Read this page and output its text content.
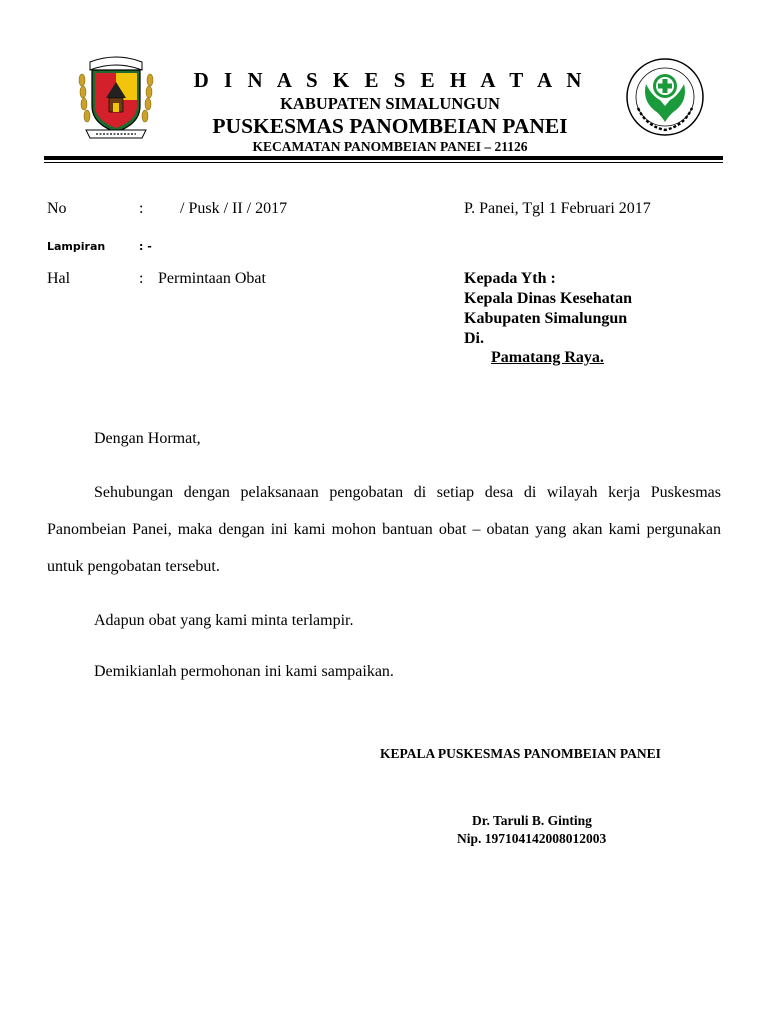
D I N A S K E S E H A T A N
KABUPATEN SIMALUNGUN
PUSKESMAS PANOMBEIAN PANEI
KECAMATAN PANOMBEIAN PANEI – 21126
No	: / Pusk / II / 2017	P. Panei, Tgl 1 Februari 2017
Lampiran	: -
Hal	: Permintaan Obat	Kepada Yth :
Kepala Dinas Kesehatan
Kabupaten Simalungun
Di.
Pamatang Raya.
Dengan Hormat,
Sehubungan dengan pelaksanaan pengobatan di setiap desa di wilayah kerja Puskesmas Panombeian Panei, maka dengan ini kami mohon bantuan obat – obatan yang akan kami pergunakan untuk pengobatan tersebut.
Adapun obat yang kami minta terlampir.
Demikianlah permohonan ini kami sampaikan.
KEPALA PUSKESMAS PANOMBEIAN PANEI
Dr. Taruli B. Ginting
Nip. 197104142008012003
